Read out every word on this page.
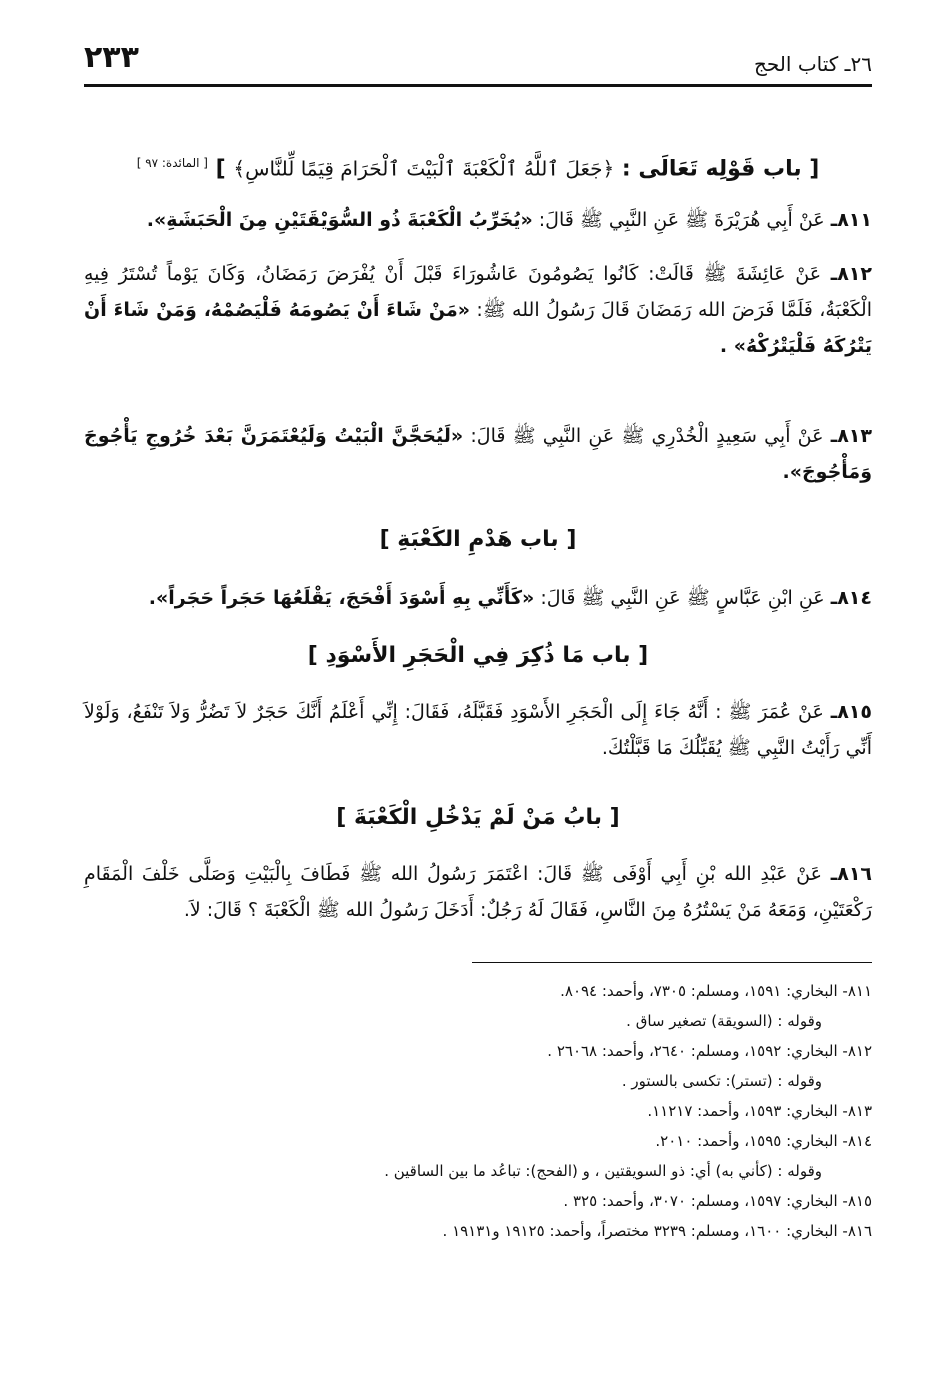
٢٦ـ كتاب الحج
٢٣٣
[ باب قَوْلِه تَعَالَى : ﴿جَعَلَ ٱللَّهُ ٱلْكَعْبَةَ ٱلْبَيْتَ ٱلْحَرَامَ قِيَمًا لِّلنَّاسِ﴾ ] [ المائدة: ٩٧ ]
٨١١ـ عَنْ أَبِي هُرَيْرَةَ ﷺ عَنِ النَّبِي ﷺ قَالَ: «يُخَرِّبُ الْكَعْبَةَ ذُو السُّوَيْقَتَيْنِ مِنَ الْحَبَشَةِ».
٨١٢ـ عَنْ عَائِشَةَ ﷺ قَالَتْ: كَانُوا يَصُومُونَ عَاشُورَاءَ قَبْلَ أَنْ يُفْرَضَ رَمَضَانُ، وَكَانَ يَوْماً تُسْتَرُ فِيهِ الْكَعْبَةُ، فَلَمَّا فَرَضَ الله رَمَضَانَ قَالَ رَسُولُ الله ﷺ: «مَنْ شَاءَ أَنْ يَصُومَهُ فَلْيَصُمْهُ، وَمَنْ شَاءَ أَنْ يَتْرُكَهُ فَلْيَتْرُكْهُ» .
٨١٣ـ عَنْ أَبِي سَعِيدٍ الْخُدْرِي ﷺ عَنِ النَّبِي ﷺ قَالَ: «لَيُحَجَّنَّ الْبَيْتُ وَلَيُعْتَمَرَنَّ بَعْدَ خُرُوجِ يَأْجُوجَ وَمَأْجُوجَ».
[ باب هَدْمِ الكَعْبَةِ ]
٨١٤ـ عَنِ ابْنِ عَبَّاسٍ ﷺ عَنِ النَّبِي ﷺ قَالَ: «كَأَنِّي بِهِ أَسْوَدَ أَفْحَجَ، يَقْلَعُهَا حَجَراً حَجَراً».
[ باب مَا ذُكِرَ فِي الْحَجَرِ الأَسْوَدِ ]
٨١٥ـ عَنْ عُمَرَ ﷺ : أَنَّهُ جَاءَ إِلَى الْحَجَرِ الأَسْوَدِ فَقَبَّلَهُ، فَقَالَ: إِنِّي أَعْلَمُ أَنَّكَ حَجَرٌ لاَ تَضُرُّ وَلاَ تَنْفَعُ، وَلَوْلاَ أَنِّي رَأَيْتُ النَّبِي ﷺ يُقَبِّلُكَ مَا قَبَّلْتُكَ.
[ بابُ مَنْ لَمْ يَدْخُلِ الْكَعْبَةَ ]
٨١٦ـ عَنْ عَبْدِ الله بْنِ أَبِي أَوْفَى ﷺ قَالَ: اعْتَمَرَ رَسُولُ الله ﷺ فَطَافَ بِالْبَيْتِ وَصَلَّى خَلْفَ الْمَقَامِ رَكْعَتَيْنِ، وَمَعَهُ مَنْ يَسْتُرُهُ مِنَ النَّاسِ، فَقَالَ لَهُ رَجُلٌ: أَدَخَلَ رَسُولُ الله ﷺ الْكَعْبَةَ ؟ قَالَ: لاَ.
٨١١- البخاري: ١٥٩١، ومسلم: ٧٣٠٥، وأحمد: ٨٠٩٤.
وقوله : (السويقة) تصغير ساق .
٨١٢- البخاري: ١٥٩٢، ومسلم: ٢٦٤٠، وأحمد: ٢٦٠٦٨ .
وقوله : (تستر): تكسى بالستور .
٨١٣- البخاري: ١٥٩٣، وأحمد: ١١٢١٧.
٨١٤- البخاري: ١٥٩٥، وأحمد: ٢٠١٠.
وقوله : (كأني به) أي: ذو السويقتين ، و (الفحج): تباعُد ما بين الساقين .
٨١٥- البخاري: ١٥٩٧، ومسلم: ٣٠٧٠، وأحمد: ٣٢٥ .
٨١٦- البخاري: ١٦٠٠، ومسلم: ٣٢٣٩ مختصراً، وأحمد: ١٩١٢٥ و١٩١٣١ .
